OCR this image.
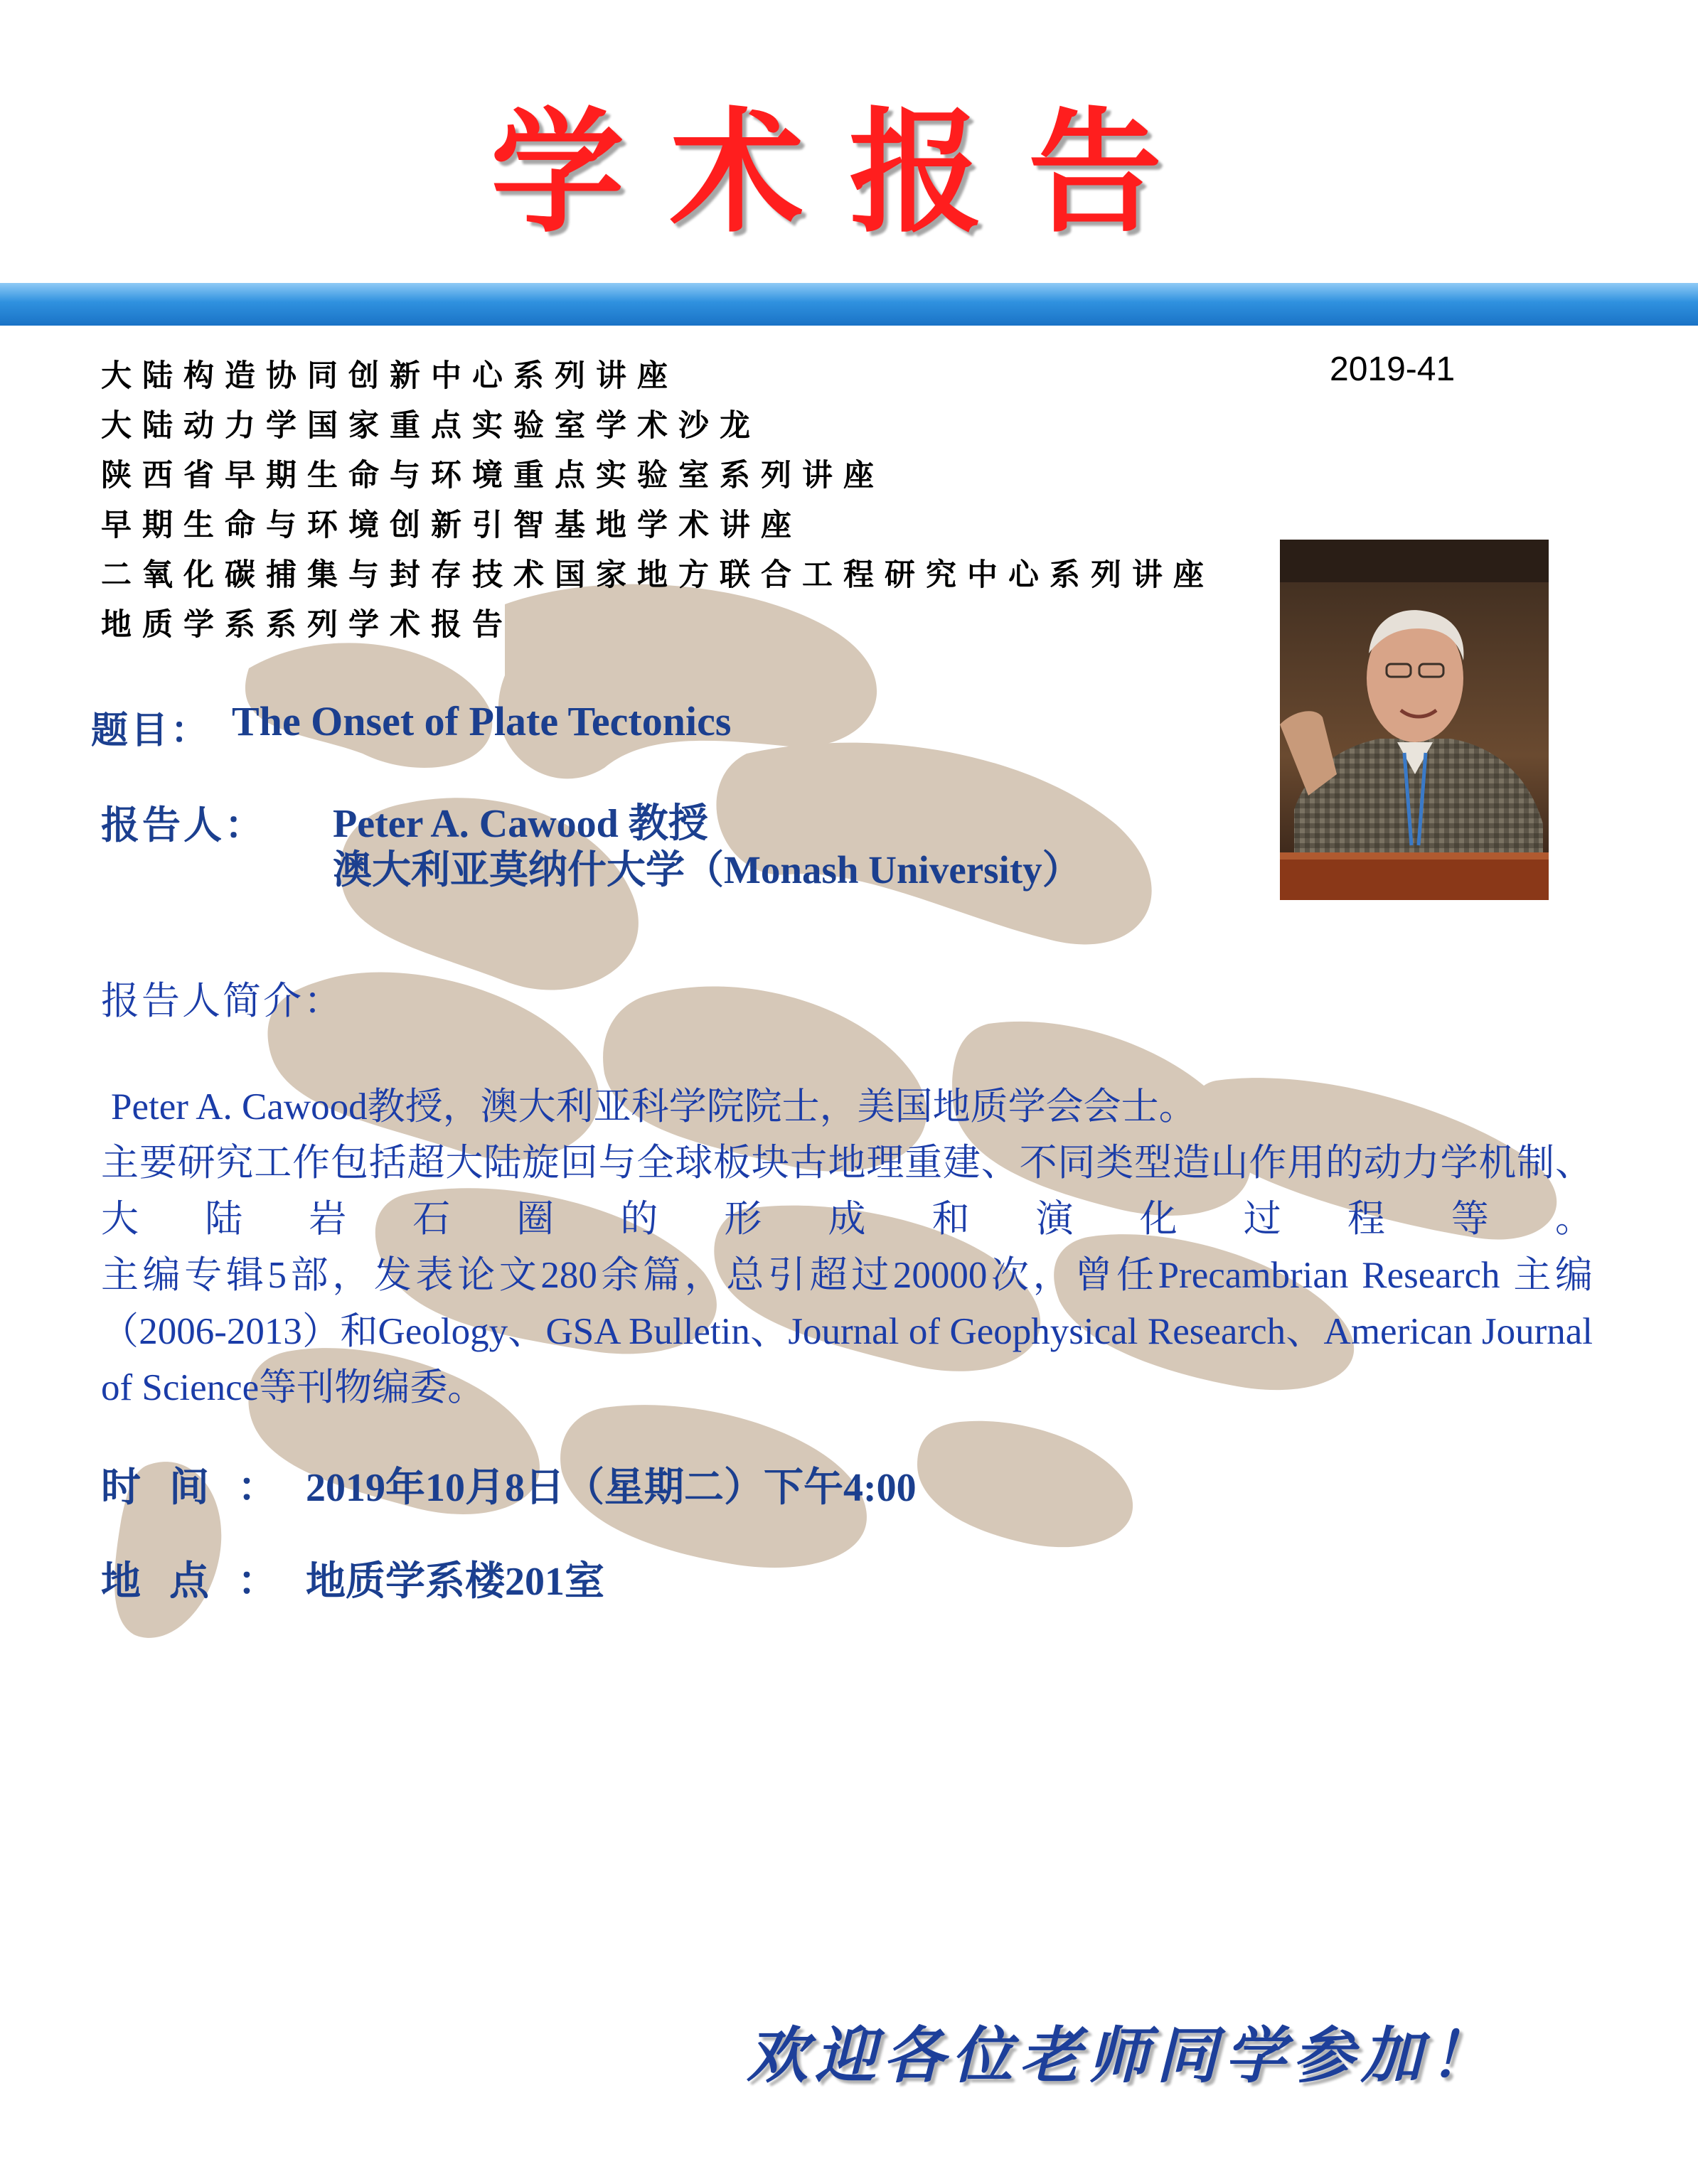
学术报告
大陆构造协同创新中心系列讲座
大陆动力学国家重点实验室学术沙龙
陕西省早期生命与环境重点实验室系列讲座
早期生命与环境创新引智基地学术讲座
二氧化碳捕集与封存技术国家地方联合工程研究中心系列讲座
地质学系系列学术报告
2019-41
题目： The Onset of Plate Tectonics
报告人： Peter A. Cawood 教授
澳大利亚莫纳什大学（Monash University）
报告人简介：

Peter A. Cawood教授，澳大利亚科学院院士，美国地质学会会士。

主要研究工作包括超大陆旋回与全球板块古地理重建、不同类型造山作用的动力学机制、大陆岩石圈的形成和演化过程等。

主编专辑5部，发表论文280余篇，总引超过20000次，曾任Precambrian Research 主编（2006-2013）和Geology、GSA Bulletin、Journal of Geophysical Research、American Journal of Science等刊物编委。

时间：2019年10月8日（星期二）下午4:00
地点：地质学系楼201室
欢迎各位老师同学参加！
